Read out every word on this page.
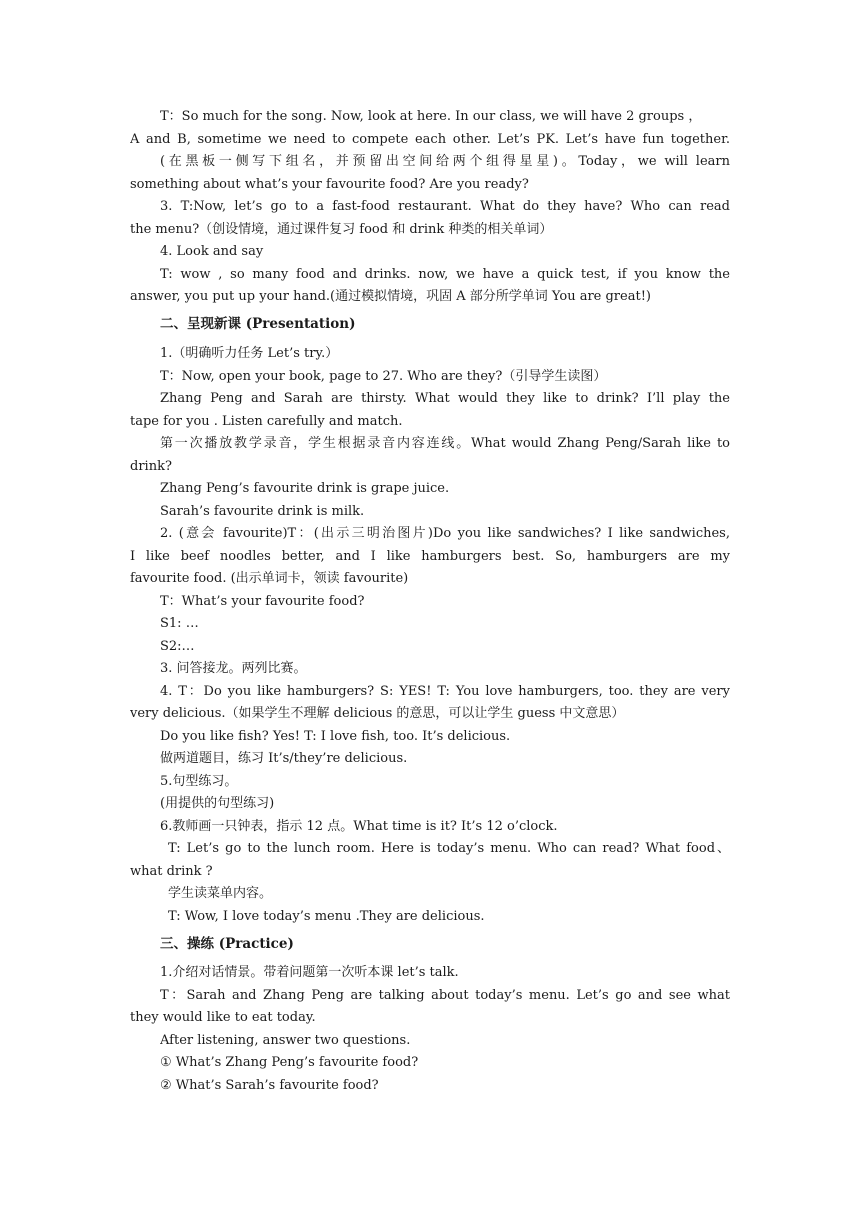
T：So much for the song. Now, look at here. In our class, we will have 2 groups ，
A and B, sometime we need to compete each other. Let’s PK. Let’s have fun together.
(在黑板一侧写下组名，并预留出空间给两个组得星星)。Today，we will learn
something about what’s your favourite food? Are you ready?
3. T:Now, let’s go to a fast-food restaurant. What do they have? Who can read
the menu?（创设情境，通过课件复习 food 和 drink 种类的相关单词）
4. Look and say
T: wow , so many food and drinks. now, we have a quick test, if you know the
answer, you put up your hand.(通过模拟情境，巩固 A 部分所学单词 You are great!)
二、呈现新课 (Presentation)
1.（明确听力任务 Let’s try.）
T：Now, open your book, page to 27. Who are they?（引导学生读图）
Zhang Peng and Sarah are thirsty. What would they like to drink? I’ll play the
tape for you . Listen carefully and match.
第一次播放教学录音，学生根据录音内容连线。What would Zhang Peng/Sarah like to
drink?
Zhang Peng’s favourite drink is grape juice.
Sarah’s favourite drink is milk.
2. (意会 favourite)T：(出示三明治图片)Do you like sandwiches? I like sandwiches,
I like beef noodles better, and I like hamburgers best. So, hamburgers are my
favourite food. (出示单词卡，领读 favourite)
T：What’s your favourite food?
S1: …
S2:…
3. 问答接龙。两列比赛。
4. T：Do you like hamburgers? S: YES! T: You love hamburgers, too. they are very
very delicious.（如果学生不理解 delicious 的意思，可以让学生 guess 中文意思）
Do you like fish? Yes! T: I love fish, too. It’s delicious.
做两道题目，练习 It’s/they’re delicious.
5.句型练习。
(用提供的句型练习)
6.教师画一只钟表，指示 12 点。What time is it? It’s 12 o’clock.
T: Let’s go to the lunch room. Here is today’s menu. Who can read? What food、
what drink ?
学生读菜单内容。
T: Wow, I love today’s menu .They are delicious.
三、操练 (Practice)
1.介绍对话情景。带着问题第一次听本课 let’s talk.
T：Sarah and Zhang Peng are talking about today’s menu. Let’s go and see what
they would like to eat today.
After listening, answer two questions.
① What’s Zhang Peng’s favourite food?
② What’s Sarah’s favourite food?
